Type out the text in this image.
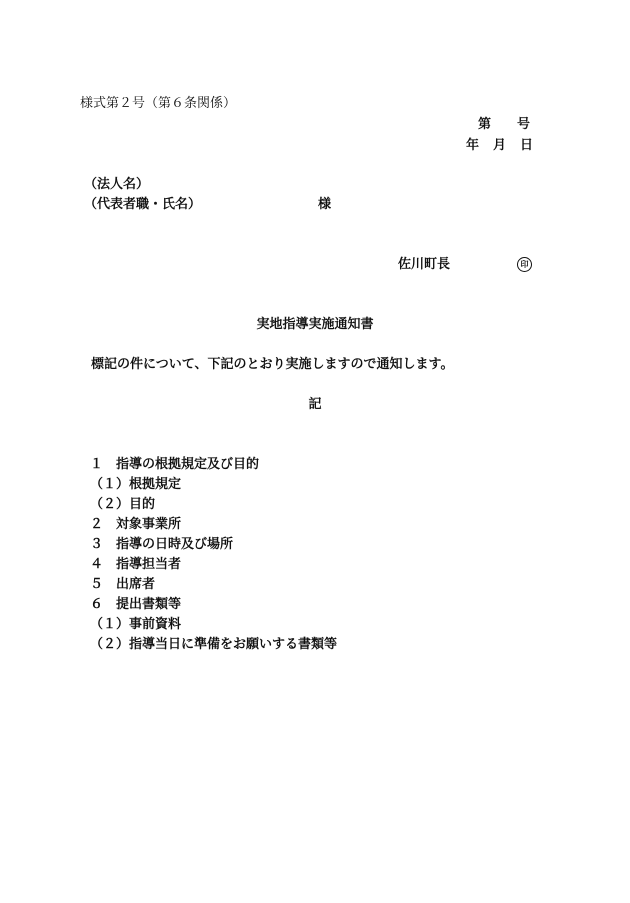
様式第２号（第６条関係）
第 号
年 月 日
（法人名）
（代表者職・氏名）	様
佐川町長	印
実地指導実施通知書
標記の件について、下記のとおり実施しますので通知します。
記
１　指導の根拠規定及び目的
（１）根拠規定
（２）目的
２　対象事業所
３　指導の日時及び場所
４　指導担当者
５　出席者
６　提出書類等
（１）事前資料
（２）指導当日に準備をお願いする書類等
